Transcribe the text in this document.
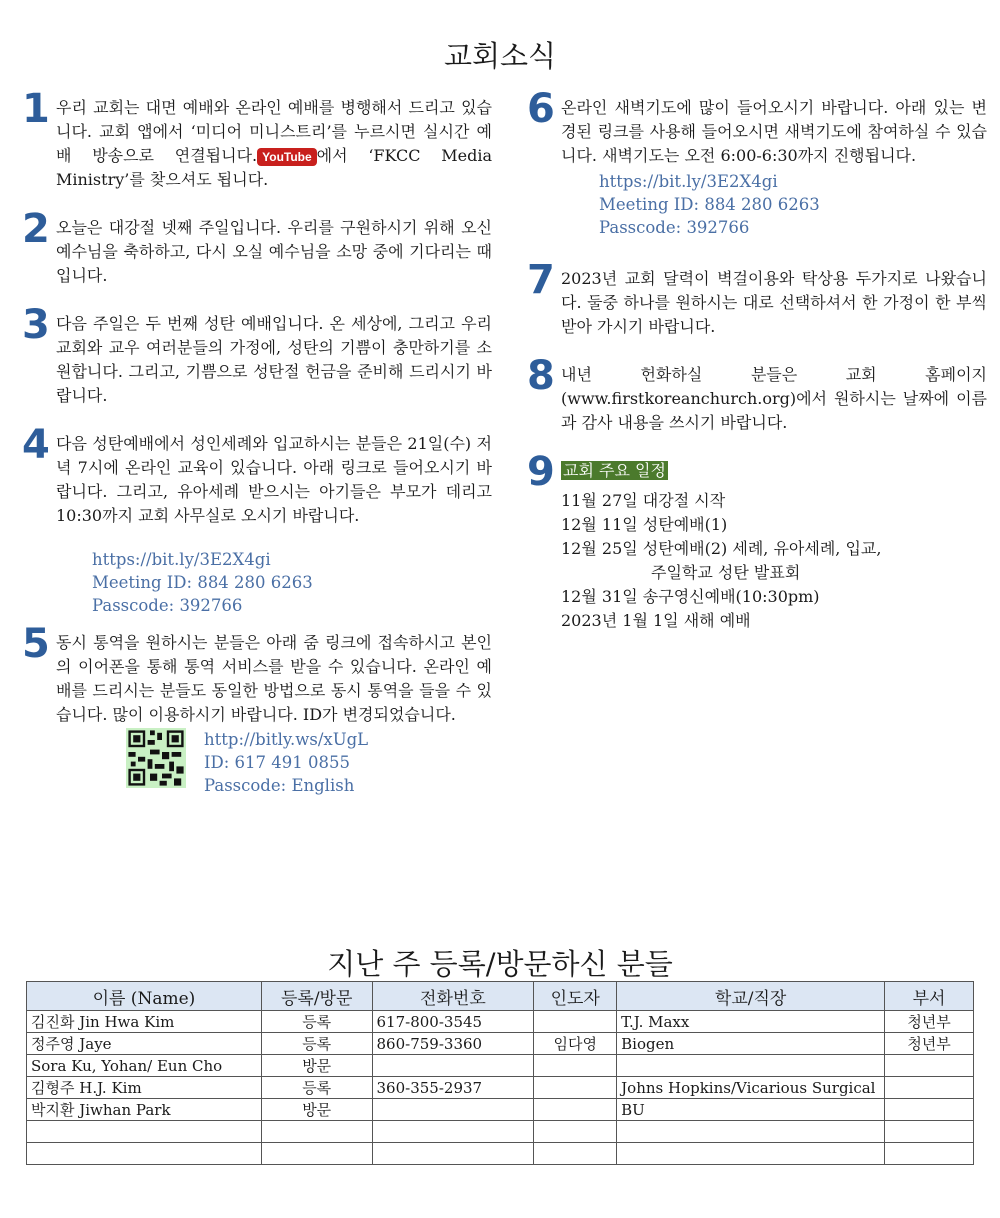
교회소식
1 우리 교회는 대면 예배와 온라인 예배를 병행해서 드리고 있습니다. 교회 앱에서 ‘미디어 미니스트리’를 누르시면 실시간 예배 방송으로 연결됩니다. YouTube 에서 ‘FKCC Media Ministry’를 찾으셔도 됩니다.
2 오늘은 대강절 넷째 주일입니다. 우리를 구원하시기 위해 오신 예수님을 축하하고, 다시 오실 예수님을 소망 중에 기다리는 때입니다.
3 다음 주일은 두 번째 성탄 예배입니다. 온 세상에, 그리고 우리 교회와 교우 여러분들의 가정에, 성탄의 기쁨이 충만하기를 소원합니다. 그리고, 기쁨으로 성탄절 헌금을 준비해 드리시기 바랍니다.
4 다음 성탄예배에서 성인세례와 입교하시는 분들은 21일(수) 저녁 7시에 온라인 교육이 있습니다. 아래 링크로 들어오시기 바랍니다. 그리고, 유아세례 받으시는 아기들은 부모가 데리고 10:30까지 교회 사무실로 오시기 바랍니다.
https://bit.ly/3E2X4gi
Meeting ID: 884 280 6263
Passcode: 392766
5 동시 통역을 원하시는 분들은 아래 줌 링크에 접속하시고 본인의 이어폰을 통해 통역 서비스를 받을 수 있습니다. 온라인 예배를 드리시는 분들도 동일한 방법으로 동시 통역을 들을 수 있습니다. 많이 이용하시기 바랍니다. ID가 변경되었습니다.
http://bitly.ws/xUgL
ID: 617 491 0855
Passcode: English
6 온라인 새벽기도에 많이 들어오시기 바랍니다. 아래 있는 변경된 링크를 사용해 들어오시면 새벽기도에 참여하실 수 있습니다. 새벽기도는 오전 6:00-6:30까지 진행됩니다.
https://bit.ly/3E2X4gi
Meeting ID: 884 280 6263
Passcode: 392766
7 2023년 교회 달력이 벽걸이용와 탁상용 두가지로 나왔습니다. 둘중 하나를 원하시는 대로 선택하셔서 한 가정이 한 부씩 받아 가시기 바랍니다.
8 내년 헌화하실 분들은 교회 홈페이지(www.firstkoreanchurch.org)에서 원하시는 날짜에 이름과 감사 내용을 쓰시기 바랍니다.
9 교회 주요 일정
11월 27일 대강절 시작
12월 11일 성탄예배(1)
12월 25일 성탄예배(2) 세례, 유아세례, 입교,
주일학교 성탄 발표회
12월 31일 송구영신예배(10:30pm)
2023년 1월 1일 새해 예배
지난 주 등록/방문하신 분들
이름 (Name)	등록/방문	전화번호	인도자	학교/직장	부서
김진화 Jin Hwa Kim	등록	617-800-3545		T.J. Maxx	청년부
정주영 Jaye	등록	860-759-3360	임다영	Biogen	청년부
Sora Ku, Yohan/ Eun Cho	방문				
김형주 H.J. Kim	등록	360-355-2937		Johns Hopkins/Vicarious Surgical	
박지환 Jiwhan Park	방문			BU	
